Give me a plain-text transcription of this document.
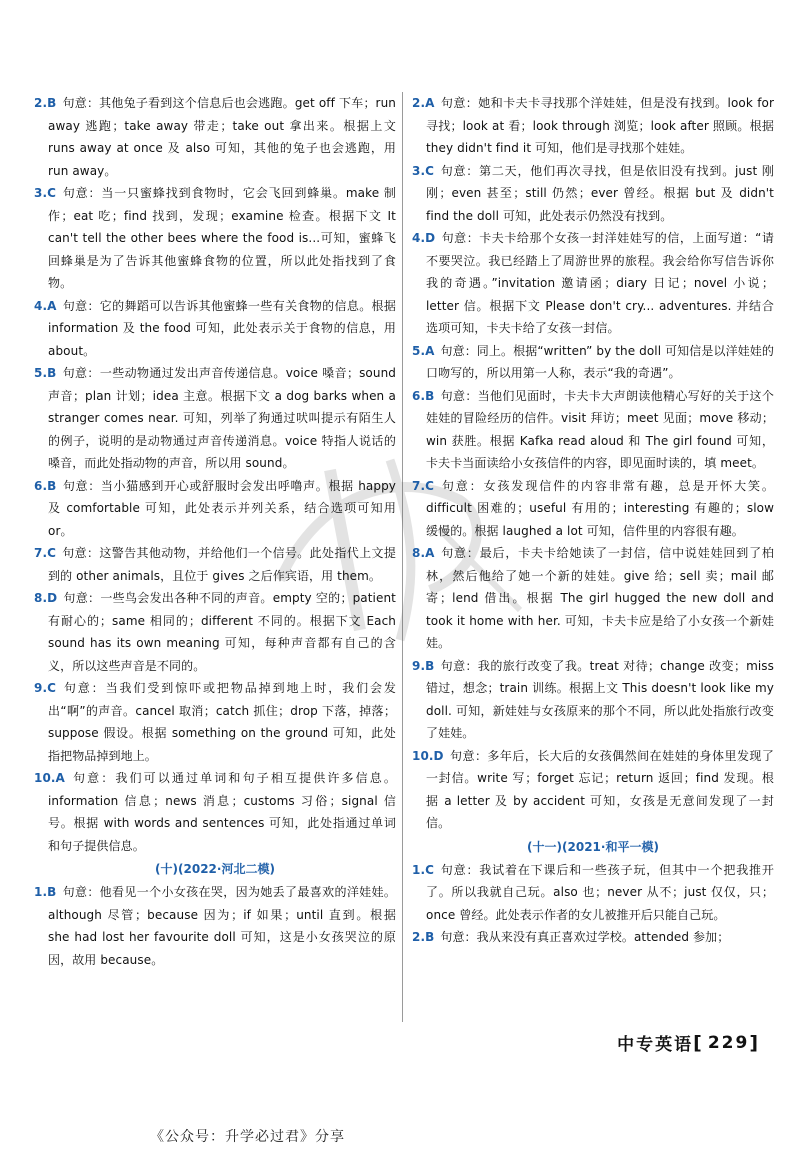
2.B 句意：其他兔子看到这个信息后也会逃跑。get off 下车；run away 逃跑；take away 带走；take out 拿出来。根据上文 runs away at once 及 also 可知，其他的兔子也会逃跑，用 run away。

3.C 句意：当一只蜜蜂找到食物时，它会飞回到蜂巢。make 制作；eat 吃；find 找到，发现；examine 检查。根据下文 It can't tell the other bees where the food is...可知，蜜蜂飞回蜂巢是为了告诉其他蜜蜂食物的位置，所以此处指找到了食物。

4.A 句意：它的舞蹈可以告诉其他蜜蜂一些有关食物的信息。根据 information 及 the food 可知，此处表示关于食物的信息，用 about。

5.B 句意：一些动物通过发出声音传递信息。voice 嗓音；sound 声音；plan 计划；idea 主意。根据下文 a dog barks when a stranger comes near. 可知，列举了狗通过吠叫提示有陌生人的例子，说明的是动物通过声音传递消息。voice 特指人说话的嗓音，而此处指动物的声音，所以用 sound。

6.B 句意：当小猫感到开心或舒服时会发出呼噜声。根据 happy 及 comfortable 可知，此处表示并列关系，结合选项可知用 or。

7.C 句意：这警告其他动物，并给他们一个信号。此处指代上文提到的 other animals，且位于 gives 之后作宾语，用 them。

8.D 句意：一些鸟会发出各种不同的声音。empty 空的；patient 有耐心的；same 相同的；different 不同的。根据下文 Each sound has its own meaning 可知，每种声音都有自己的含义，所以这些声音是不同的。

9.C 句意：当我们受到惊吓或把物品掉到地上时，我们会发出“啊”的声音。cancel 取消；catch 抓住；drop 下落，掉落；suppose 假设。根据 something on the ground 可知，此处指把物品掉到地上。

10.A 句意：我们可以通过单词和句子相互提供许多信息。information 信息；news 消息；customs 习俗；signal 信号。根据 with words and sentences 可知，此处指通过单词和句子提供信息。

(十)(2022·河北二模)

1.B 句意：他看见一个小女孩在哭，因为她丢了最喜欢的洋娃娃。although 尽管；because 因为；if 如果；until 直到。根据 she had lost her favourite doll 可知，这是小女孩哭泣的原因，故用 because。

2.A 句意：她和卡夫卡寻找那个洋娃娃，但是没有找到。look for 寻找；look at 看；look through 浏览；look after 照顾。根据 they didn't find it 可知，他们是寻找那个娃娃。

3.C 句意：第二天，他们再次寻找，但是依旧没有找到。just 刚刚；even 甚至；still 仍然；ever 曾经。根据 but 及 didn't find the doll 可知，此处表示仍然没有找到。

4.D 句意：卡夫卡给那个女孩一封洋娃娃写的信，上面写道：“请不要哭泣。我已经踏上了周游世界的旅程。我会给你写信告诉你我的奇遇。”invitation 邀请函；diary 日记；novel 小说；letter 信。根据下文 Please don't cry... adventures. 并结合选项可知，卡夫卡给了女孩一封信。

5.A 句意：同上。根据“written” by the doll 可知信是以洋娃娃的口吻写的，所以用第一人称，表示“我的奇遇”。

6.B 句意：当他们见面时，卡夫卡大声朗读他精心写好的关于这个娃娃的冒险经历的信件。visit 拜访；meet 见面；move 移动；win 获胜。根据 Kafka read aloud 和 The girl found 可知，卡夫卡当面读给小女孩信件的内容，即见面时读的，填 meet。

7.C 句意：女孩发现信件的内容非常有趣，总是开怀大笑。difficult 困难的；useful 有用的；interesting 有趣的；slow 缓慢的。根据 laughed a lot 可知，信件里的内容很有趣。

8.A 句意：最后，卡夫卡给她读了一封信，信中说娃娃回到了柏林，然后他给了她一个新的娃娃。give 给；sell 卖；mail 邮寄；lend 借出。根据 The girl hugged the new doll and took it home with her. 可知，卡夫卡应是给了小女孩一个新娃娃。

9.B 句意：我的旅行改变了我。treat 对待；change 改变；miss 错过，想念；train 训练。根据上文 This doesn't look like my doll. 可知，新娃娃与女孩原来的那个不同，所以此处指旅行改变了娃娃。

10.D 句意：多年后，长大后的女孩偶然间在娃娃的身体里发现了一封信。write 写；forget 忘记；return 返回；find 发现。根据 a letter 及 by accident 可知，女孩是无意间发现了一封信。

(十一)(2021·和平一模)

1.C 句意：我试着在下课后和一些孩子玩，但其中一个把我推开了。所以我就自己玩。also 也；never 从不；just 仅仅，只；once 曾经。此处表示作者的女儿被推开后只能自己玩。

2.B 句意：我从来没有真正喜欢过学校。attended 参加；

中专英语 [ 229 ]
《公众号：升学必过君》分享
